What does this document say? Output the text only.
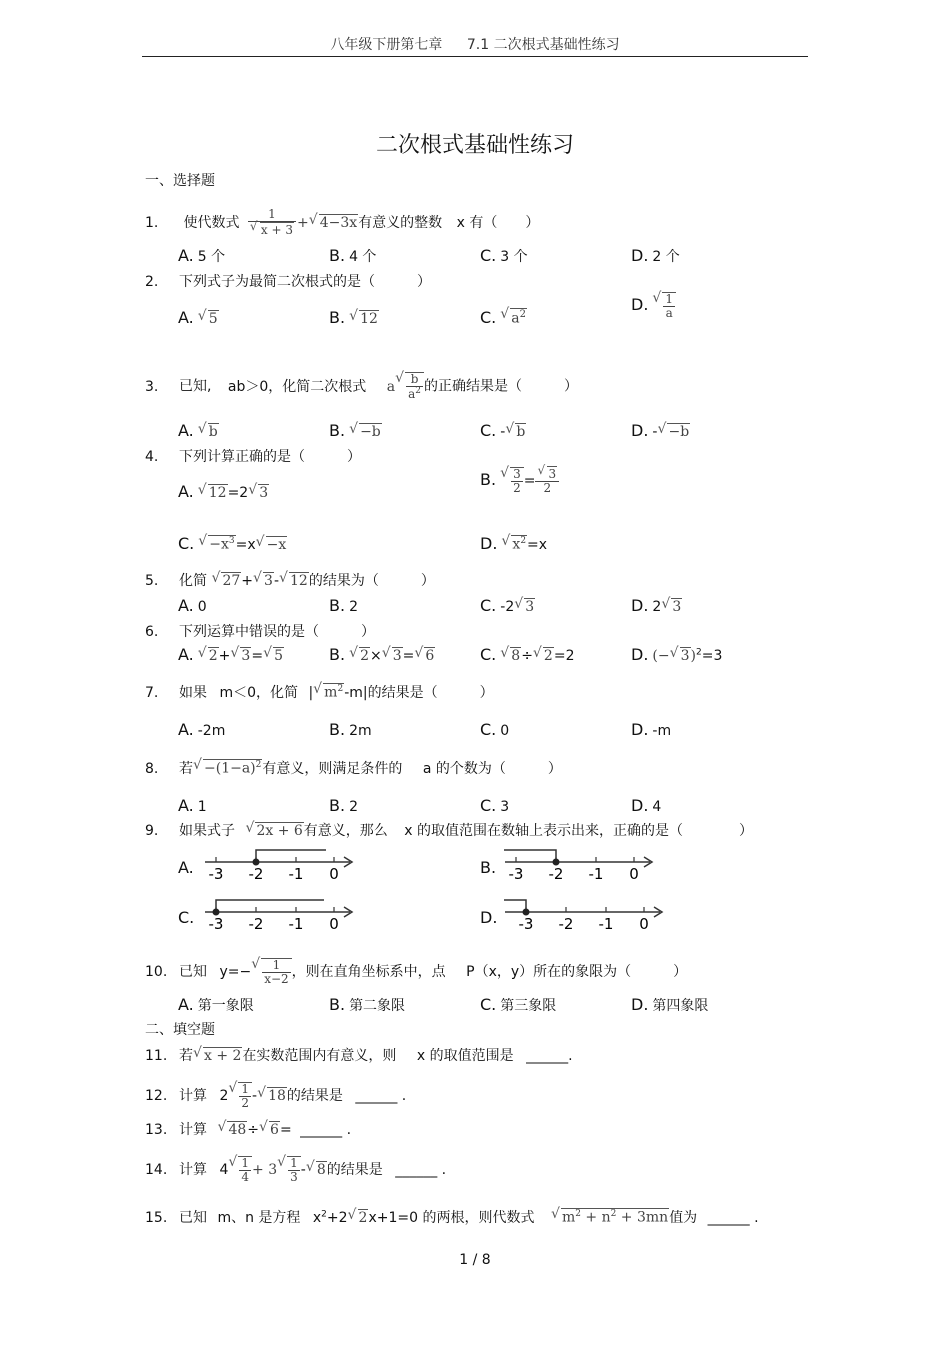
八年级下册第七章 7.1 二次根式基础性练习
二次根式基础性练习
一、选择题
1. 使代数式 1
√ x + 3 +√ 4−3x有意义的整数 x 有（　　）
A. 5 个	B. 4 个	C. 3 个	D. 2 个
2. 下列式子为最简二次根式的是（　　　）
A.√ 5	B.√ 12	C.√ $a^2$
D.
√ $\frac{1}{a}$
3. 已知, ab＞0，化简二次根式 a
√ $\frac{b}{a^2}$ 的正确结果是（　　　）
A.√ b	B.√ −b	C. -√ b	D. -√ −b
4. 下列计算正确的是（　　　）
A.√ 12=2√ 3
B.
√ $\frac{3}{2}$ =
√ $\frac{3}{2}$
$C.√ -x^3=x√ -x$	D.√ $x^2=x$
5. 化简 √ 27+√ 3-√ 12的结果为（　　　）
A. 0	B. 2	C. -2√ 3	D. 2√ 3
6. 下列运算中错误的是（　　　）
A.√ 2+√ 3=√ 5	B.√ 2×√ 3=√ 6	C.√ 8÷√ 2=2	D. (−√ 3)$^2$=3
7. 如果 m＜0，化简 |√ $m^2-m|$的结果是（　　　）
A. -2m	B. 2m	C. 0	D. -m
8. 若√ $-(1-a)^2$有意义，则满足条件的 a 的个数为（　　　）
A. 1	B. 2	C. 3	D. 4
9. 如果式子 √ 2x + 6有意义，那么 x 的取值范围在数轴上表示出来，正确的是（　　　　）
A. -3 -2 -1 0	B. -3 -2 -1 0
C. -3 -2 -1 0	D. -3 -2 -1 0
10. 已知 y=−
√ $\frac{1}{x-2}$ ，则在直角坐标系中，点 P（x，y）所在的象限为（　　　）
A. 第一象限	B. 第二象限	C. 第三象限	D. 第四象限
二、填空题
11. 若√ x + 2在实数范围内有意义，则 x 的取值范围是 ______.
12. 计算 2
√ $\frac{1}{2}$ -√ 18的结果是 ______ .
13. 计算 √ 48÷√ 6= ______ .
14. 计算 4
√ $\frac{1}{4} + 3$
√ $\frac{1}{3}$ -√ 8的结果是 ______ .
15. 已知 m、n 是方程 $x^2+2√$ 2x+1=0 的两根，则代数式 √ $m^2 + n^2 + 3mn$值为 ______ .
1 / 8
